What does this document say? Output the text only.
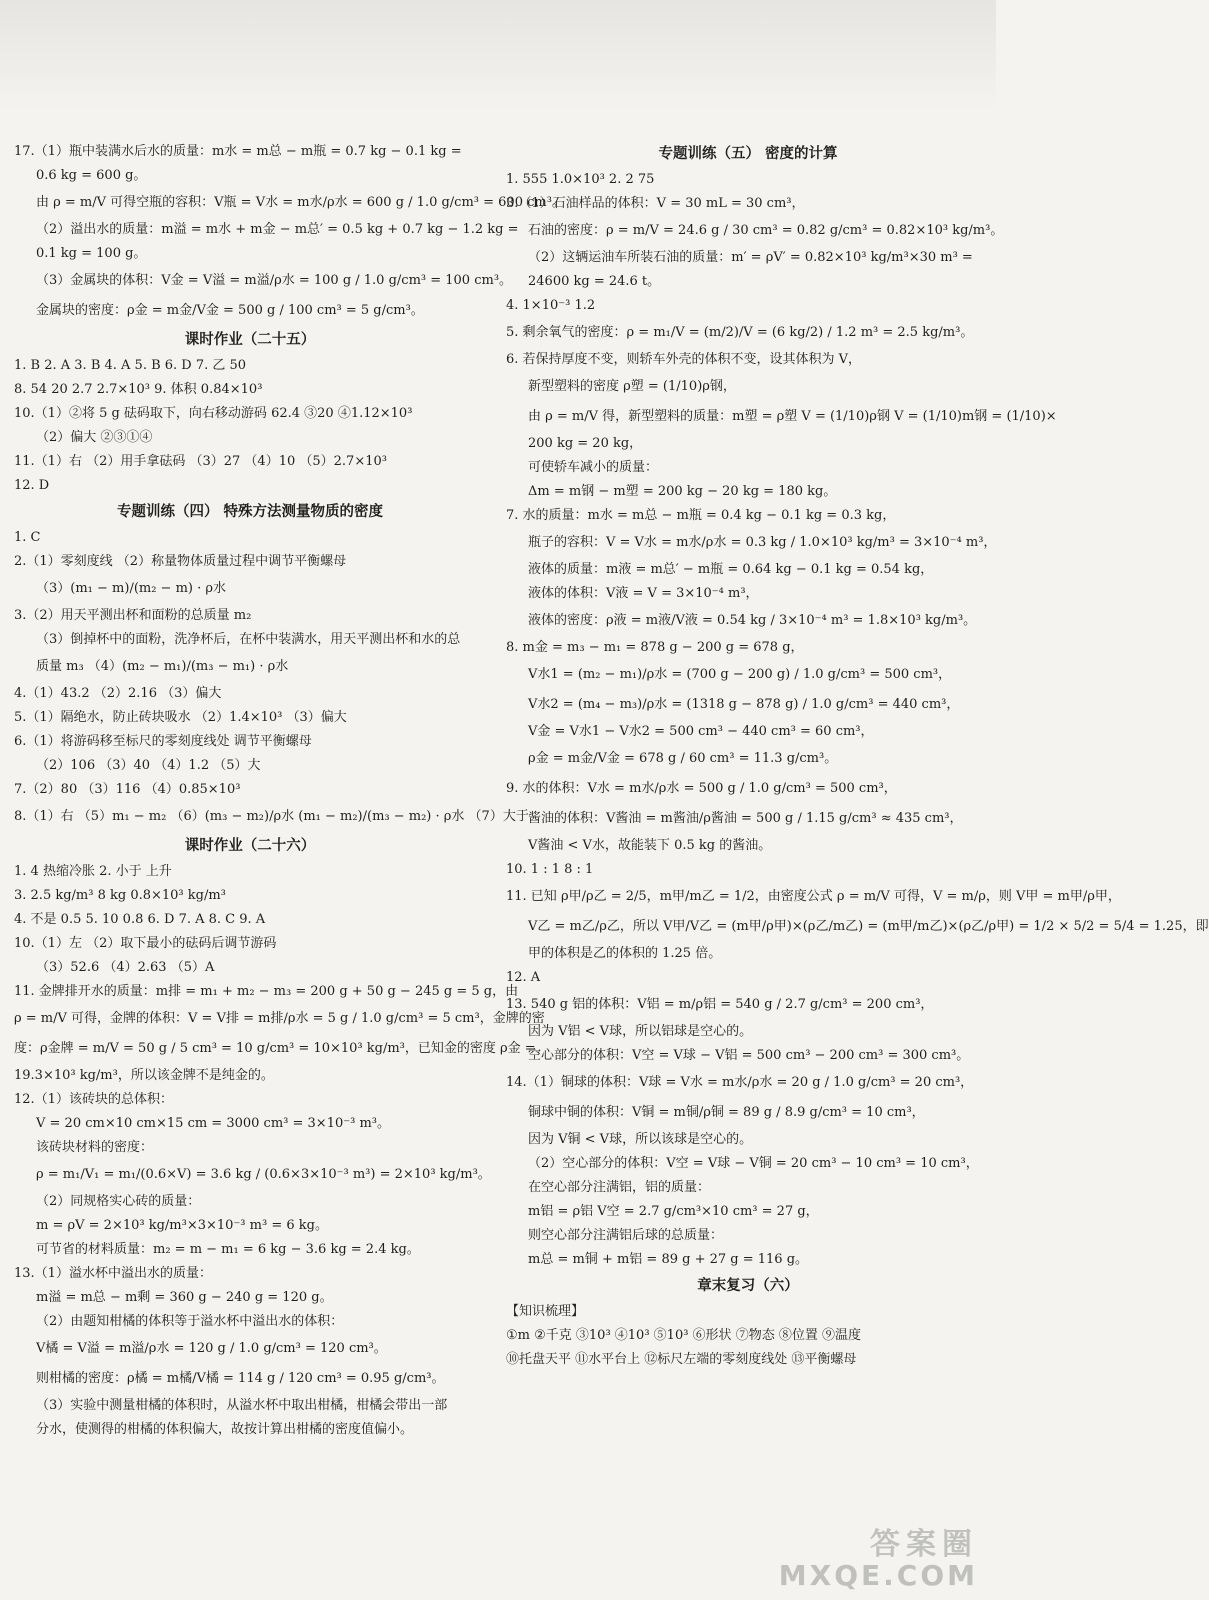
17.（1）瓶中装满水后水的质量：m水 = m总 − m瓶 = 0.7 kg − 0.1 kg =
0.6 kg = 600 g。
由 ρ = m/V 可得空瓶的容积：V瓶 = V水 = m水/ρ水 = 600 g / 1.0 g/cm³ = 600 cm³。
（2）溢出水的质量：m溢 = m水 + m金 − m总′ = 0.5 kg + 0.7 kg − 1.2 kg =
0.1 kg = 100 g。
（3）金属块的体积：V金 = V溢 = m溢/ρ水 = 100 g / 1.0 g/cm³ = 100 cm³。
金属块的密度：ρ金 = m金/V金 = 500 g / 100 cm³ = 5 g/cm³。
课时作业（二十五）
1. B 2. A 3. B 4. A 5. B 6. D 7. 乙 50
8. 54 20 2.7 2.7×10³ 9. 体积 0.84×10³
10.（1）②将 5 g 砝码取下，向右移动游码 62.4 ③20 ④1.12×10³
（2）偏大 ②③①④
11.（1）右 （2）用手拿砝码 （3）27 （4）10 （5）2.7×10³
12. D
专题训练（四） 特殊方法测量物质的密度
1. C
2.（1）零刻度线 （2）称量物体质量过程中调节平衡螺母
（3）(m₁ − m)/(m₂ − m) · ρ水
3.（2）用天平测出杯和面粉的总质量 m₂
（3）倒掉杯中的面粉，洗净杯后，在杯中装满水，用天平测出杯和水的总
质量 m₃ （4）(m₂ − m₁)/(m₃ − m₁) · ρ水
4.（1）43.2 （2）2.16 （3）偏大
5.（1）隔绝水，防止砖块吸水 （2）1.4×10³ （3）偏大
6.（1）将游码移至标尺的零刻度线处 调节平衡螺母
（2）106 （3）40 （4）1.2 （5）大
7.（2）80 （3）116 （4）0.85×10³
8.（1）右 （5）m₁ − m₂ （6）(m₃ − m₂)/ρ水 (m₁ − m₂)/(m₃ − m₂) · ρ水 （7）大于
课时作业（二十六）
1. 4 热缩冷胀 2. 小于 上升
3. 2.5 kg/m³ 8 kg 0.8×10³ kg/m³
4. 不是 0.5 5. 10 0.8 6. D 7. A 8. C 9. A
10.（1）左 （2）取下最小的砝码后调节游码
（3）52.6 （4）2.63 （5）A
11. 金牌排开水的质量：m排 = m₁ + m₂ − m₃ = 200 g + 50 g − 245 g = 5 g，由
ρ = m/V 可得，金牌的体积：V = V排 = m排/ρ水 = 5 g / 1.0 g/cm³ = 5 cm³，金牌的密
度：ρ金牌 = m/V = 50 g / 5 cm³ = 10 g/cm³ = 10×10³ kg/m³，已知金的密度 ρ金 =
19.3×10³ kg/m³，所以该金牌不是纯金的。
12.（1）该砖块的总体积：
V = 20 cm×10 cm×15 cm = 3000 cm³ = 3×10⁻³ m³。
该砖块材料的密度：
ρ = m₁/V₁ = m₁/(0.6×V) = 3.6 kg / (0.6×3×10⁻³ m³) = 2×10³ kg/m³。
（2）同规格实心砖的质量：
m = ρV = 2×10³ kg/m³×3×10⁻³ m³ = 6 kg。
可节省的材料质量：m₂ = m − m₁ = 6 kg − 3.6 kg = 2.4 kg。
13.（1）溢水杯中溢出水的质量：
m溢 = m总 − m剩 = 360 g − 240 g = 120 g。
（2）由题知柑橘的体积等于溢水杯中溢出水的体积：
V橘 = V溢 = m溢/ρ水 = 120 g / 1.0 g/cm³ = 120 cm³。
则柑橘的密度：ρ橘 = m橘/V橘 = 114 g / 120 cm³ = 0.95 g/cm³。
（3）实验中测量柑橘的体积时，从溢水杯中取出柑橘，柑橘会带出一部
分水，使测得的柑橘的体积偏大，故按计算出柑橘的密度值偏小。
专题训练（五） 密度的计算
1. 555 1.0×10³ 2. 2 75
3.（1）石油样品的体积：V = 30 mL = 30 cm³，
石油的密度：ρ = m/V = 24.6 g / 30 cm³ = 0.82 g/cm³ = 0.82×10³ kg/m³。
（2）这辆运油车所装石油的质量：m′ = ρV′ = 0.82×10³ kg/m³×30 m³ =
24600 kg = 24.6 t。
4. 1×10⁻³ 1.2
5. 剩余氧气的密度：ρ = m₁/V = (m/2)/V = (6 kg/2) / 1.2 m³ = 2.5 kg/m³。
6. 若保持厚度不变，则轿车外壳的体积不变，设其体积为 V，
新型塑料的密度 ρ塑 = (1/10)ρ钢，
由 ρ = m/V 得，新型塑料的质量：m塑 = ρ塑 V = (1/10)ρ钢 V = (1/10)m钢 = (1/10)×
200 kg = 20 kg，
可使轿车减小的质量：
Δm = m钢 − m塑 = 200 kg − 20 kg = 180 kg。
7. 水的质量：m水 = m总 − m瓶 = 0.4 kg − 0.1 kg = 0.3 kg，
瓶子的容积：V = V水 = m水/ρ水 = 0.3 kg / 1.0×10³ kg/m³ = 3×10⁻⁴ m³，
液体的质量：m液 = m总′ − m瓶 = 0.64 kg − 0.1 kg = 0.54 kg，
液体的体积：V液 = V = 3×10⁻⁴ m³，
液体的密度：ρ液 = m液/V液 = 0.54 kg / 3×10⁻⁴ m³ = 1.8×10³ kg/m³。
8. m金 = m₃ − m₁ = 878 g − 200 g = 678 g，
V水1 = (m₂ − m₁)/ρ水 = (700 g − 200 g) / 1.0 g/cm³ = 500 cm³，
V水2 = (m₄ − m₃)/ρ水 = (1318 g − 878 g) / 1.0 g/cm³ = 440 cm³，
V金 = V水1 − V水2 = 500 cm³ − 440 cm³ = 60 cm³，
ρ金 = m金/V金 = 678 g / 60 cm³ = 11.3 g/cm³。
9. 水的体积：V水 = m水/ρ水 = 500 g / 1.0 g/cm³ = 500 cm³，
酱油的体积：V酱油 = m酱油/ρ酱油 = 500 g / 1.15 g/cm³ ≈ 435 cm³，
V酱油 < V水，故能装下 0.5 kg 的酱油。
10. 1 : 1 8 : 1
11. 已知 ρ甲/ρ乙 = 2/5，m甲/m乙 = 1/2，由密度公式 ρ = m/V 可得，V = m/ρ，则 V甲 = m甲/ρ甲，
V乙 = m乙/ρ乙，所以 V甲/V乙 = (m甲/ρ甲)×(ρ乙/m乙) = (m甲/m乙)×(ρ乙/ρ甲) = 1/2 × 5/2 = 5/4 = 1.25，即
甲的体积是乙的体积的 1.25 倍。
12. A
13. 540 g 铝的体积：V铝 = m/ρ铝 = 540 g / 2.7 g/cm³ = 200 cm³，
因为 V铝 < V球，所以铝球是空心的。
空心部分的体积：V空 = V球 − V铝 = 500 cm³ − 200 cm³ = 300 cm³。
14.（1）铜球的体积：V球 = V水 = m水/ρ水 = 20 g / 1.0 g/cm³ = 20 cm³，
铜球中铜的体积：V铜 = m铜/ρ铜 = 89 g / 8.9 g/cm³ = 10 cm³，
因为 V铜 < V球，所以该球是空心的。
（2）空心部分的体积：V空 = V球 − V铜 = 20 cm³ − 10 cm³ = 10 cm³，
在空心部分注满铝，铝的质量：
m铝 = ρ铝 V空 = 2.7 g/cm³×10 cm³ = 27 g，
则空心部分注满铝后球的总质量：
m总 = m铜 + m铝 = 89 g + 27 g = 116 g。
章末复习（六）
【知识梳理】
①m ②千克 ③10³ ④10³ ⑤10³ ⑥形状 ⑦物态 ⑧位置 ⑨温度
⑩托盘天平 ⑪水平台上 ⑫标尺左端的零刻度线处 ⑬平衡螺母
答案圈
MXQE.COM
